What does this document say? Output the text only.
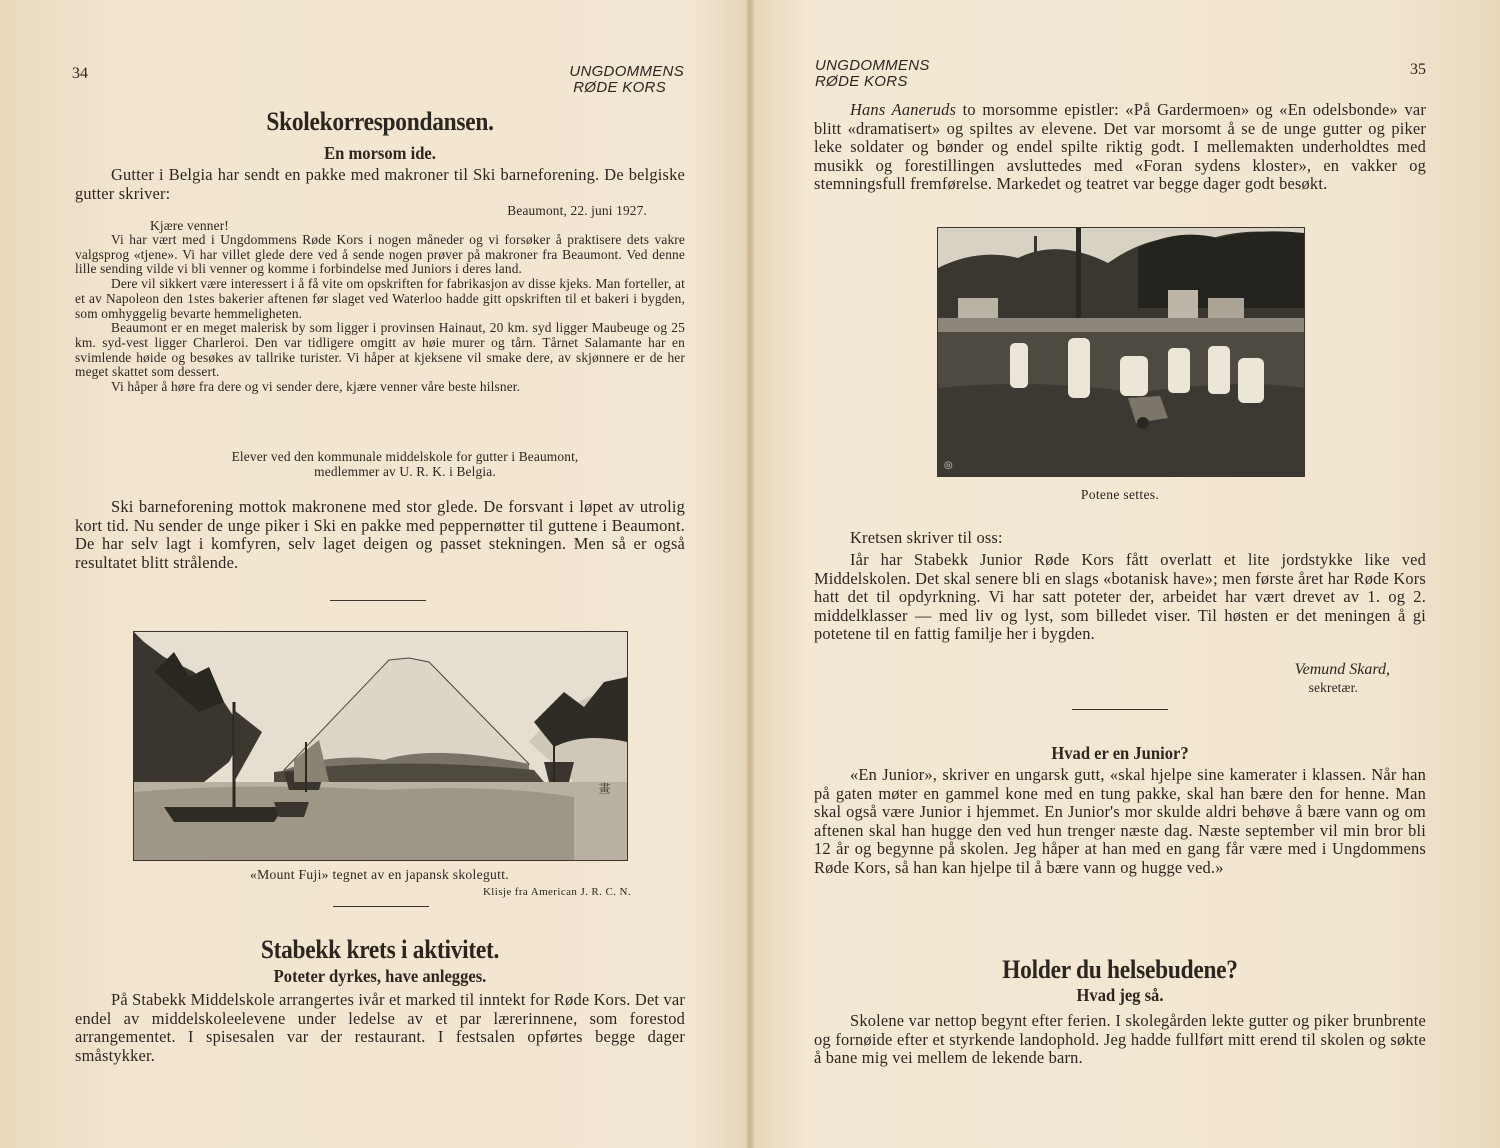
34	UNGDOMMENS
RØDE KORS
Skolekorrespondansen.
En morsom ide.

Gutter i Belgia har sendt en pakke med makroner til Ski barneforening. De belgiske gutter skriver:

Beaumont, 22. juni 1927.
Kjære venner!

Vi har vært med i Ungdommens Røde Kors i nogen måneder og vi forsøker å praktisere dets vakre valgsprog «tjene». Vi har villet glede dere ved å sende nogen prøver på makroner fra Beaumont. Ved denne lille sending vilde vi bli venner og komme i forbindelse med Juniors i deres land.

Dere vil sikkert være interessert i å få vite om opskriften for fabrikasjon av disse kjeks. Man forteller, at et av Napoleon den 1stes bakerier aftenen før slaget ved Waterloo hadde gitt opskriften til et bakeri i bygden, som omhyggelig bevarte hemmeligheten.

Beaumont er en meget malerisk by som ligger i provinsen Hainaut, 20 km. syd ligger Maubeuge og 25 km. syd-vest ligger Charleroi. Den var tidligere omgitt av høie murer og tårn. Tårnet Salamante har en svimlende høide og besøkes av tallrike turister. Vi håper at kjeksene vil smake dere, av skjønnere er de her meget skattet som dessert.

Vi håper å høre fra dere og vi sender dere, kjære venner våre beste hilsner.

Elever ved den kommunale middelskole for gutter i Beaumont,
medlemmer av U. R. K. i Belgia.

Ski barneforening mottok makronene med stor glede. De forsvant i løpet av utrolig kort tid. Nu sender de unge piker i Ski en pakke med peppernøtter til guttene i Beaumont. De har selv lagt i komfyren, selv laget deigen og passet stekningen. Men så er også resultatet blitt strålende.

畫
«Mount Fuji» tegnet av en japansk skolegutt.
Klisje fra American J. R. C. N.
Stabekk krets i aktivitet.
Poteter dyrkes, have anlegges.

På Stabekk Middelskole arrangertes ivår et marked til inntekt for Røde Kors. Det var endel av middelskoleelevene under ledelse av et par lærerinnene, som forestod arrangementet. I spisesalen var der restaurant. I festsalen opførtes begge dager småstykker.

UNGDOMMENS
RØDE KORS
35

Hans Aaneruds to morsomme epistler: «På Gardermoen» og «En odelsbonde» var blitt «dramatisert» og spiltes av elevene. Det var morsomt å se de unge gutter og piker leke soldater og bønder og endel spilte riktig godt. I mellemakten underholdtes med musikk og forestillingen avsluttedes med «Foran sydens kloster», en vakker og stemningsfull fremførelse. Markedet og teatret var begge dager godt besøkt.

◎
Potene settes.

Kretsen skriver til oss:

Iår har Stabekk Junior Røde Kors fått overlatt et lite jordstykke like ved Middelskolen. Det skal senere bli en slags «botanisk have»; men første året har Røde Kors hatt det til opdyrkning. Vi har satt poteter der, arbeidet har vært drevet av 1. og 2. middelklasser — med liv og lyst, som billedet viser. Til høsten er det meningen å gi potetene til en fattig familje her i bygden.

Vemund Skard,
sekretær.
Hvad er en Junior?

«En Junior», skriver en ungarsk gutt, «skal hjelpe sine kamerater i klassen. Når han på gaten møter en gammel kone med en tung pakke, skal han bære den for henne. Man skal også være Junior i hjemmet. En Junior's mor skulde aldri behøve å bære vann og om aftenen skal han hugge den ved hun trenger næste dag. Næste september vil min bror bli 12 år og begynne på skolen. Jeg håper at han med en gang får være med i Ungdommens Røde Kors, så han kan hjelpe til å bære vann og hugge ved.»

Holder du helsebudene?
Hvad jeg så.

Skolene var nettop begynt efter ferien. I skolegården lekte gutter og piker brunbrente og fornøide efter et styrkende landophold. Jeg hadde fullført mitt erend til skolen og søkte å bane mig vei mellem de lekende barn.
